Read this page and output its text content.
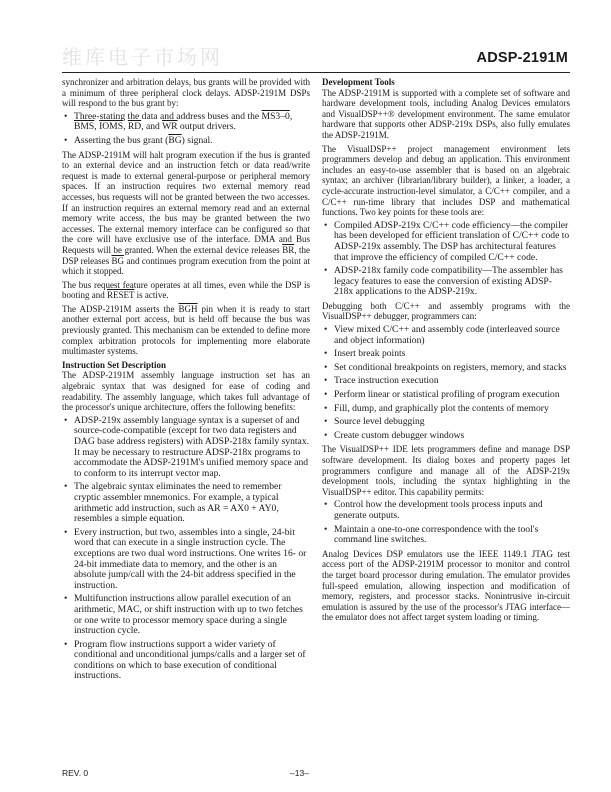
ADSP-2191M
维库电子市场网

synchronizer and arbitration delays, bus grants will be provided with a minimum of three peripheral clock delays. ADSP-2191M DSPs will respond to the bus grant by:

• Three-stating the data and address buses and the MS3–0, $\overline{BMS}$, IOMS, $\overline{RD}$, and $\overline{WR}$ output drivers.
• Asserting the bus grant $(\overline{BG})$ signal.

The ADSP-2191M will halt program execution if the bus is granted to an external device and an instruction fetch or data read/write request is made to external general-purpose or peripheral memory spaces. If an instruction requires two external memory read accesses, bus requests will not be granted between the two accesses. If an instruction requires an external memory read and an external memory write access, the bus may be granted between the two accesses. The external memory interface can be configured so that the core will have exclusive use of the interface. DMA and Bus Requests will be granted. When the external device releases $\overline{BR}$, the DSP releases $\overline{BG}$ and continues program execution from the point at which it stopped.

The bus request feature operates at all times, even while the DSP is booting and RESET is active.

The ADSP-2191M asserts the $\overline{BGH}$ pin when it is ready to start another external port access, but is held off because the bus was previously granted. This mechanism can be extended to define more complex arbitration protocols for implementing more elaborate multimaster systems.

Instruction Set Description

The ADSP-2191M assembly language instruction set has an algebraic syntax that was designed for ease of coding and readability. The assembly language, which takes full advantage of the processor's unique architecture, offers the following benefits:

• ADSP-219x assembly language syntax is a superset of and source-code-compatible (except for two data registers and DAG base address registers) with ADSP-218x family syntax. It may be necessary to restructure ADSP-218x programs to accommodate the ADSP-2191M's unified memory space and to conform to its interrupt vector map.
• The algebraic syntax eliminates the need to remember cryptic assembler mnemonics. For example, a typical arithmetic add instruction, such as AR = AX0 + AY0, resembles a simple equation.
• Every instruction, but two, assembles into a single, 24-bit word that can execute in a single instruction cycle. The exceptions are two dual word instructions. One writes 16- or 24-bit immediate data to memory, and the other is an absolute jump/call with the 24-bit address specified in the instruction.
• Multifunction instructions allow parallel execution of an arithmetic, MAC, or shift instruction with up to two fetches or one write to processor memory space during a single instruction cycle.
• Program flow instructions support a wider variety of conditional and unconditional jumps/calls and a larger set of conditions on which to base execution of conditional instructions.
Development Tools

The ADSP-2191M is supported with a complete set of software and hardware development tools, including Analog Devices emulators and VisualDSP++® development environment. The same emulator hardware that supports other ADSP-219x DSPs, also fully emulates the ADSP-2191M.

The VisualDSP++ project management environment lets programmers develop and debug an application. This environment includes an easy-to-use assembler that is based on an algebraic syntax; an archiver (librarian/library builder), a linker, a loader, a cycle-accurate instruction-level simulator, a C/C++ compiler, and a C/C++ run-time library that includes DSP and mathematical functions. Two key points for these tools are:

• Compiled ADSP-219x C/C++ code efficiency—the compiler has been developed for efficient translation of C/C++ code to ADSP-219x assembly. The DSP has architectural features that improve the efficiency of compiled C/C++ code.
• ADSP-218x family code compatibility—The assembler has legacy features to ease the conversion of existing ADSP-218x applications to the ADSP-219x.

Debugging both C/C++ and assembly programs with the VisualDSP++ debugger, programmers can:

• View mixed C/C++ and assembly code (interleaved source and object information)
• Insert break points
• Set conditional breakpoints on registers, memory, and stacks
• Trace instruction execution
• Perform linear or statistical profiling of program execution
• Fill, dump, and graphically plot the contents of memory
• Source level debugging
• Create custom debugger windows

The VisualDSP++ IDE lets programmers define and manage DSP software development. Its dialog boxes and property pages let programmers configure and manage all of the ADSP-219x development tools, including the syntax highlighting in the VisualDSP++ editor. This capability permits:

• Control how the development tools process inputs and generate outputs.
• Maintain a one-to-one correspondence with the tool's command line switches.

Analog Devices DSP emulators use the IEEE 1149.1 JTAG test access port of the ADSP-2191M processor to monitor and control the target board processor during emulation. The emulator provides full-speed emulation, allowing inspection and modification of memory, registers, and processor stacks. Nonintrusive in-circuit emulation is assured by the use of the processor's JTAG interface—the emulator does not affect target system loading or timing.

REV. 0	–13–
